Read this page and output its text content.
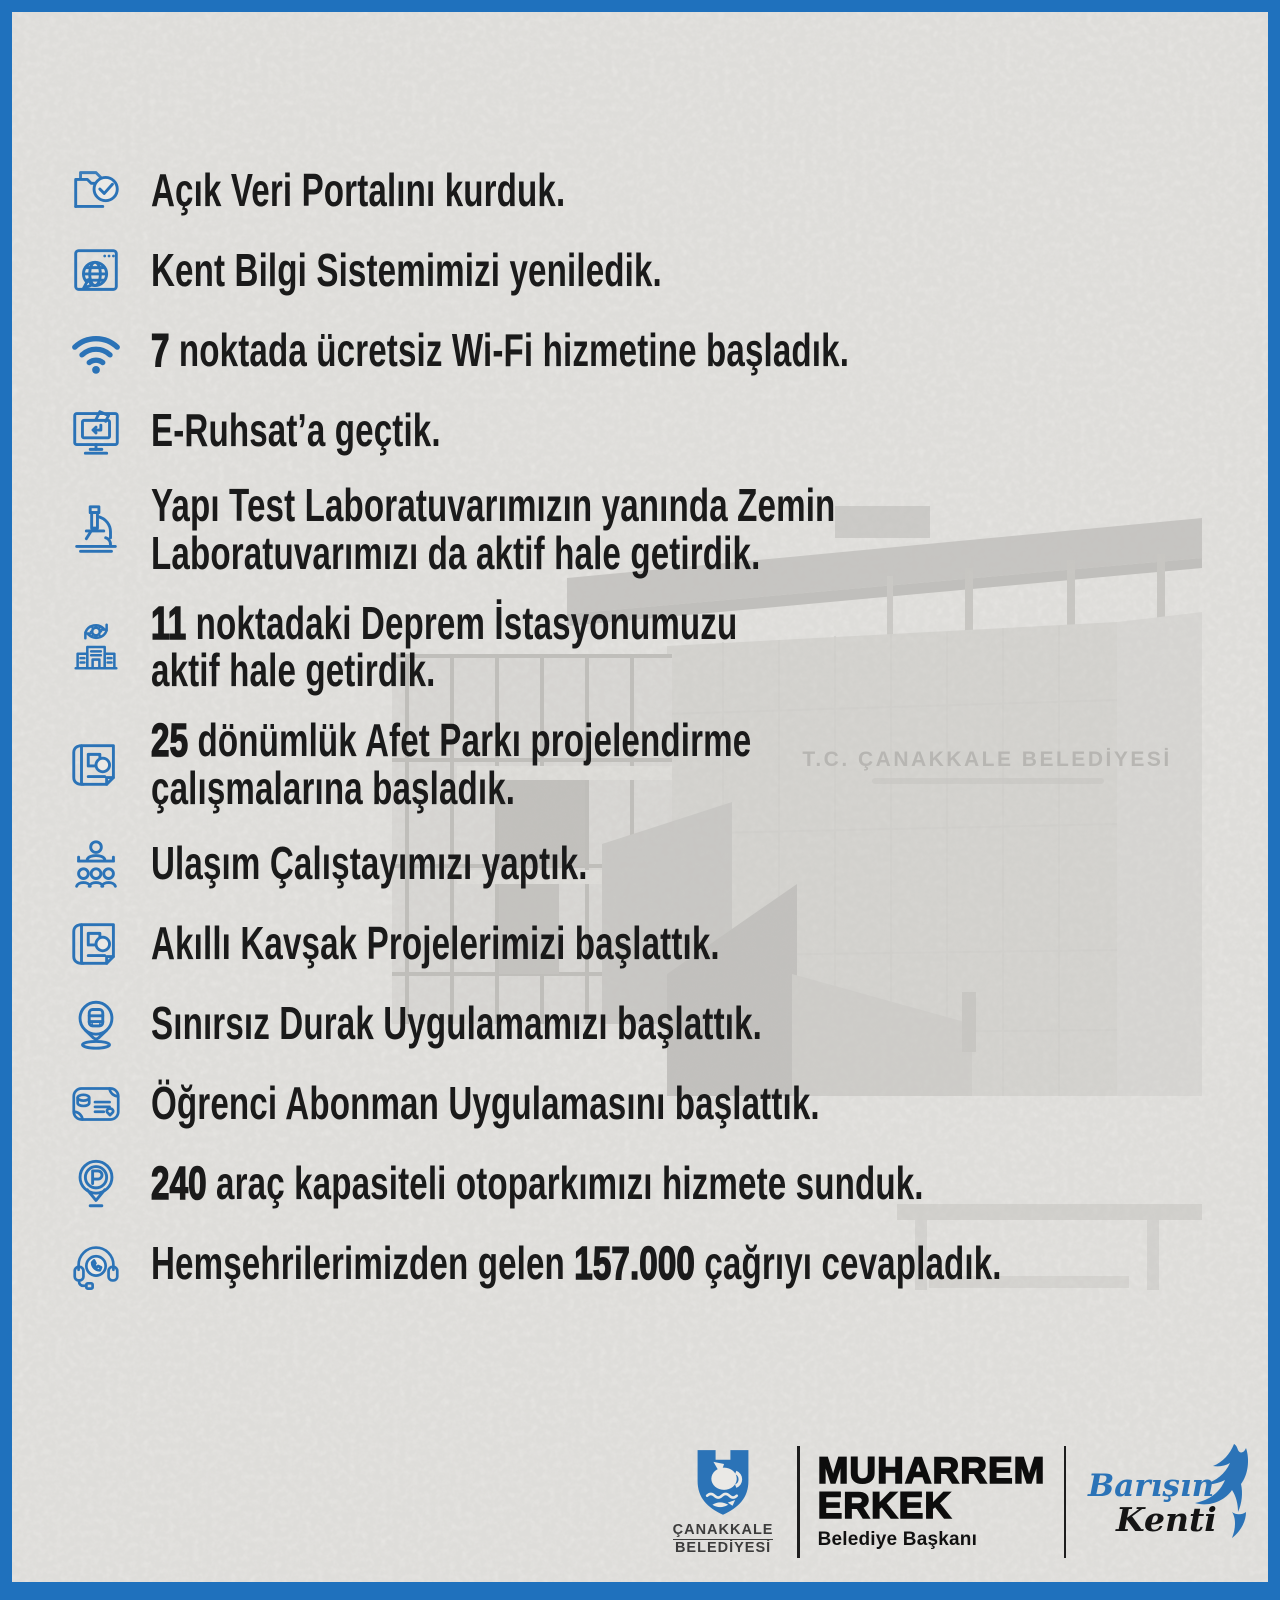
T.C. ÇANAKKALE BELEDİYESİ
Açık Veri Portalını kurduk.
Kent Bilgi Sistemimizi yeniledik.
7 noktada ücretsiz Wi-Fi hizmetine başladık.
E-Ruhsat’a geçtik.
Yapı Test Laboratuvarımızın yanında Zemin
Laboratuvarımızı da aktif hale getirdik.
11 noktadaki Deprem İstasyonumuzu
aktif hale getirdik.
25 dönümlük Afet Parkı projelendirme
çalışmalarına başladık.
Ulaşım Çalıştayımızı yaptık.
Akıllı Kavşak Projelerimizi başlattık.
Sınırsız Durak Uygulamamızı başlattık.
Öğrenci Abonman Uygulamasını başlattık.
240 araç kapasiteli otoparkımızı hizmete sunduk.
Hemşehrilerimizden gelen 157.000 çağrıyı cevapladık.
ÇANAKKALE
BELEDİYESİ
MUHARREM
ERKEK
Belediye Başkanı
Barışın
Kenti
